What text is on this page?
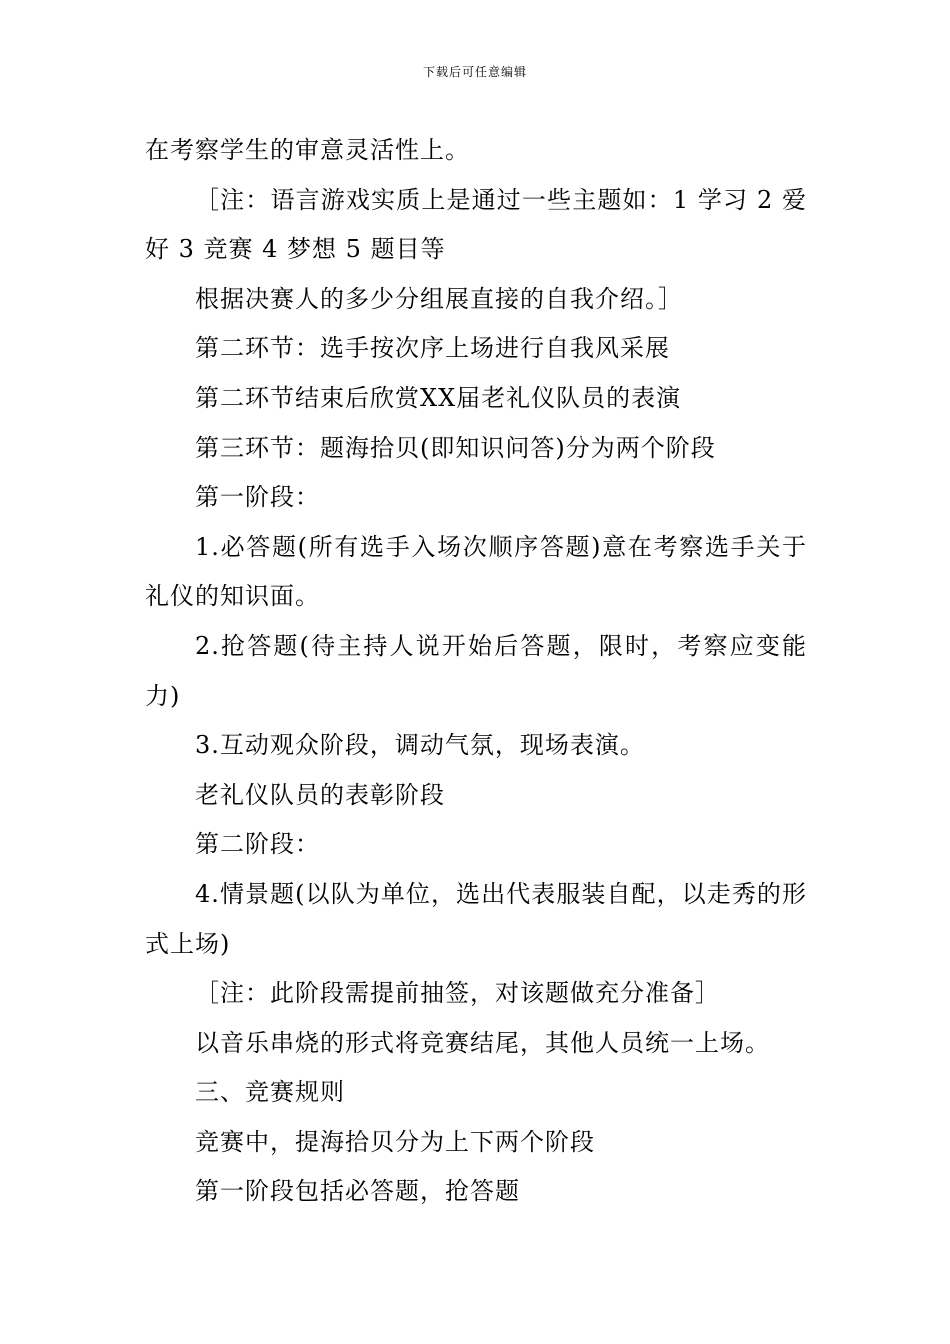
下载后可任意编辑

在考察学生的审意灵活性上。

［注：语言游戏实质上是通过一些主题如：1 学习 2 爱好 3 竞赛 4 梦想 5 题目等

根据决赛人的多少分组展直接的自我介绍。］

第二环节：选手按次序上场进行自我风采展

第二环节结束后欣赏XX届老礼仪队员的表演

第三环节：题海拾贝(即知识问答)分为两个阶段

第一阶段：

1.必答题(所有选手入场次顺序答题)意在考察选手关于礼仪的知识面。

2.抢答题(待主持人说开始后答题，限时，考察应变能力)

3.互动观众阶段，调动气氛，现场表演。

老礼仪队员的表彰阶段

第二阶段：

4.情景题(以队为单位，选出代表服装自配，以走秀的形式上场)

［注：此阶段需提前抽签，对该题做充分准备］

以音乐串烧的形式将竞赛结尾，其他人员统一上场。

三、竞赛规则

竞赛中，提海拾贝分为上下两个阶段

第一阶段包括必答题，抢答题
